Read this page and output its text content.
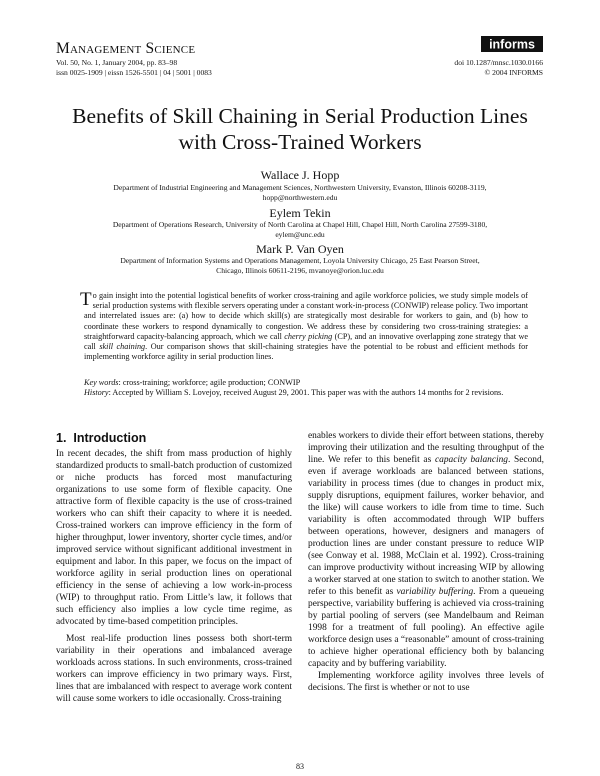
Management Science	informs
Vol. 50, No. 1, January 2004, pp. 83–98
issn 0025-1909 | eissn 1526-5501 | 04 | 5001 | 0083
doi 10.1287/mnsc.1030.0166
© 2004 INFORMS
Benefits of Skill Chaining in Serial Production Lines
with Cross-Trained Workers
Wallace J. Hopp
Department of Industrial Engineering and Management Sciences, Northwestern University, Evanston, Illinois 60208-3119,
hopp@northwestern.edu
Eylem Tekin
Department of Operations Research, University of North Carolina at Chapel Hill, Chapel Hill, North Carolina 27599-3180,
eylem@unc.edu
Mark P. Van Oyen
Department of Information Systems and Operations Management, Loyola University Chicago, 25 East Pearson Street,
Chicago, Illinois 60611-2196, mvanoye@orion.luc.edu
To gain insight into the potential logistical benefits of worker cross-training and agile workforce policies, we study simple models of serial production systems with flexible servers operating under a constant work-in-process (CONWIP) release policy. Two important and interrelated issues are: (a) how to decide which skill(s) are strategically most desirable for workers to gain, and (b) how to coordinate these workers to respond dynamically to congestion. We address these by considering two cross-training strategies: a straightforward capacity-balancing approach, which we call cherry picking (CP), and an innovative overlapping zone strategy that we call skill chaining. Our comparison shows that skill-chaining strategies have the potential to be robust and efficient methods for implementing workforce agility in serial production lines.
Key words: cross-training; workforce; agile production; CONWIP
History: Accepted by William S. Lovejoy, received August 29, 2001. This paper was with the authors 14 months for 2 revisions.
1. Introduction

In recent decades, the shift from mass production of highly standardized products to small-batch production of customized or niche products has forced most manufacturing organizations to use some form of flexible capacity. One attractive form of flexible capacity is the use of cross-trained workers who can shift their capacity to where it is needed. Cross-trained workers can improve efficiency in the form of higher throughput, lower inventory, shorter cycle times, and/or improved service without significant additional investment in equipment and labor. In this paper, we focus on the impact of workforce agility in serial production lines on operational efficiency in the sense of achieving a low work-in-process (WIP) to throughput ratio. From Little’s law, it follows that such efficiency also implies a low cycle time regime, as advocated by time-based competition principles.

Most real-life production lines possess both short-term variability in their operations and imbalanced average workloads across stations. In such environments, cross-trained workers can improve efficiency in two primary ways. First, lines that are imbalanced with respect to average work content will cause some workers to idle occasionally. Cross-training

enables workers to divide their effort between stations, thereby improving their utilization and the resulting throughput of the line. We refer to this benefit as capacity balancing. Second, even if average workloads are balanced between stations, variability in process times (due to changes in product mix, supply disruptions, equipment failures, worker behavior, and the like) will cause workers to idle from time to time. Such variability is often accommodated through WIP buffers between operations, however, designers and managers of production lines are under constant pressure to reduce WIP (see Conway et al. 1988, McClain et al. 1992). Cross-training can improve productivity without increasing WIP by allowing a worker starved at one station to switch to another station. We refer to this benefit as variability buffering. From a queueing perspective, variability buffering is achieved via cross-training by partial pooling of servers (see Mandelbaum and Reiman 1998 for a treatment of full pooling). An effective agile workforce design uses a “reasonable” amount of cross-training to achieve higher operational efficiency both by balancing capacity and by buffering variability.

Implementing workforce agility involves three levels of decisions. The first is whether or not to use

83
